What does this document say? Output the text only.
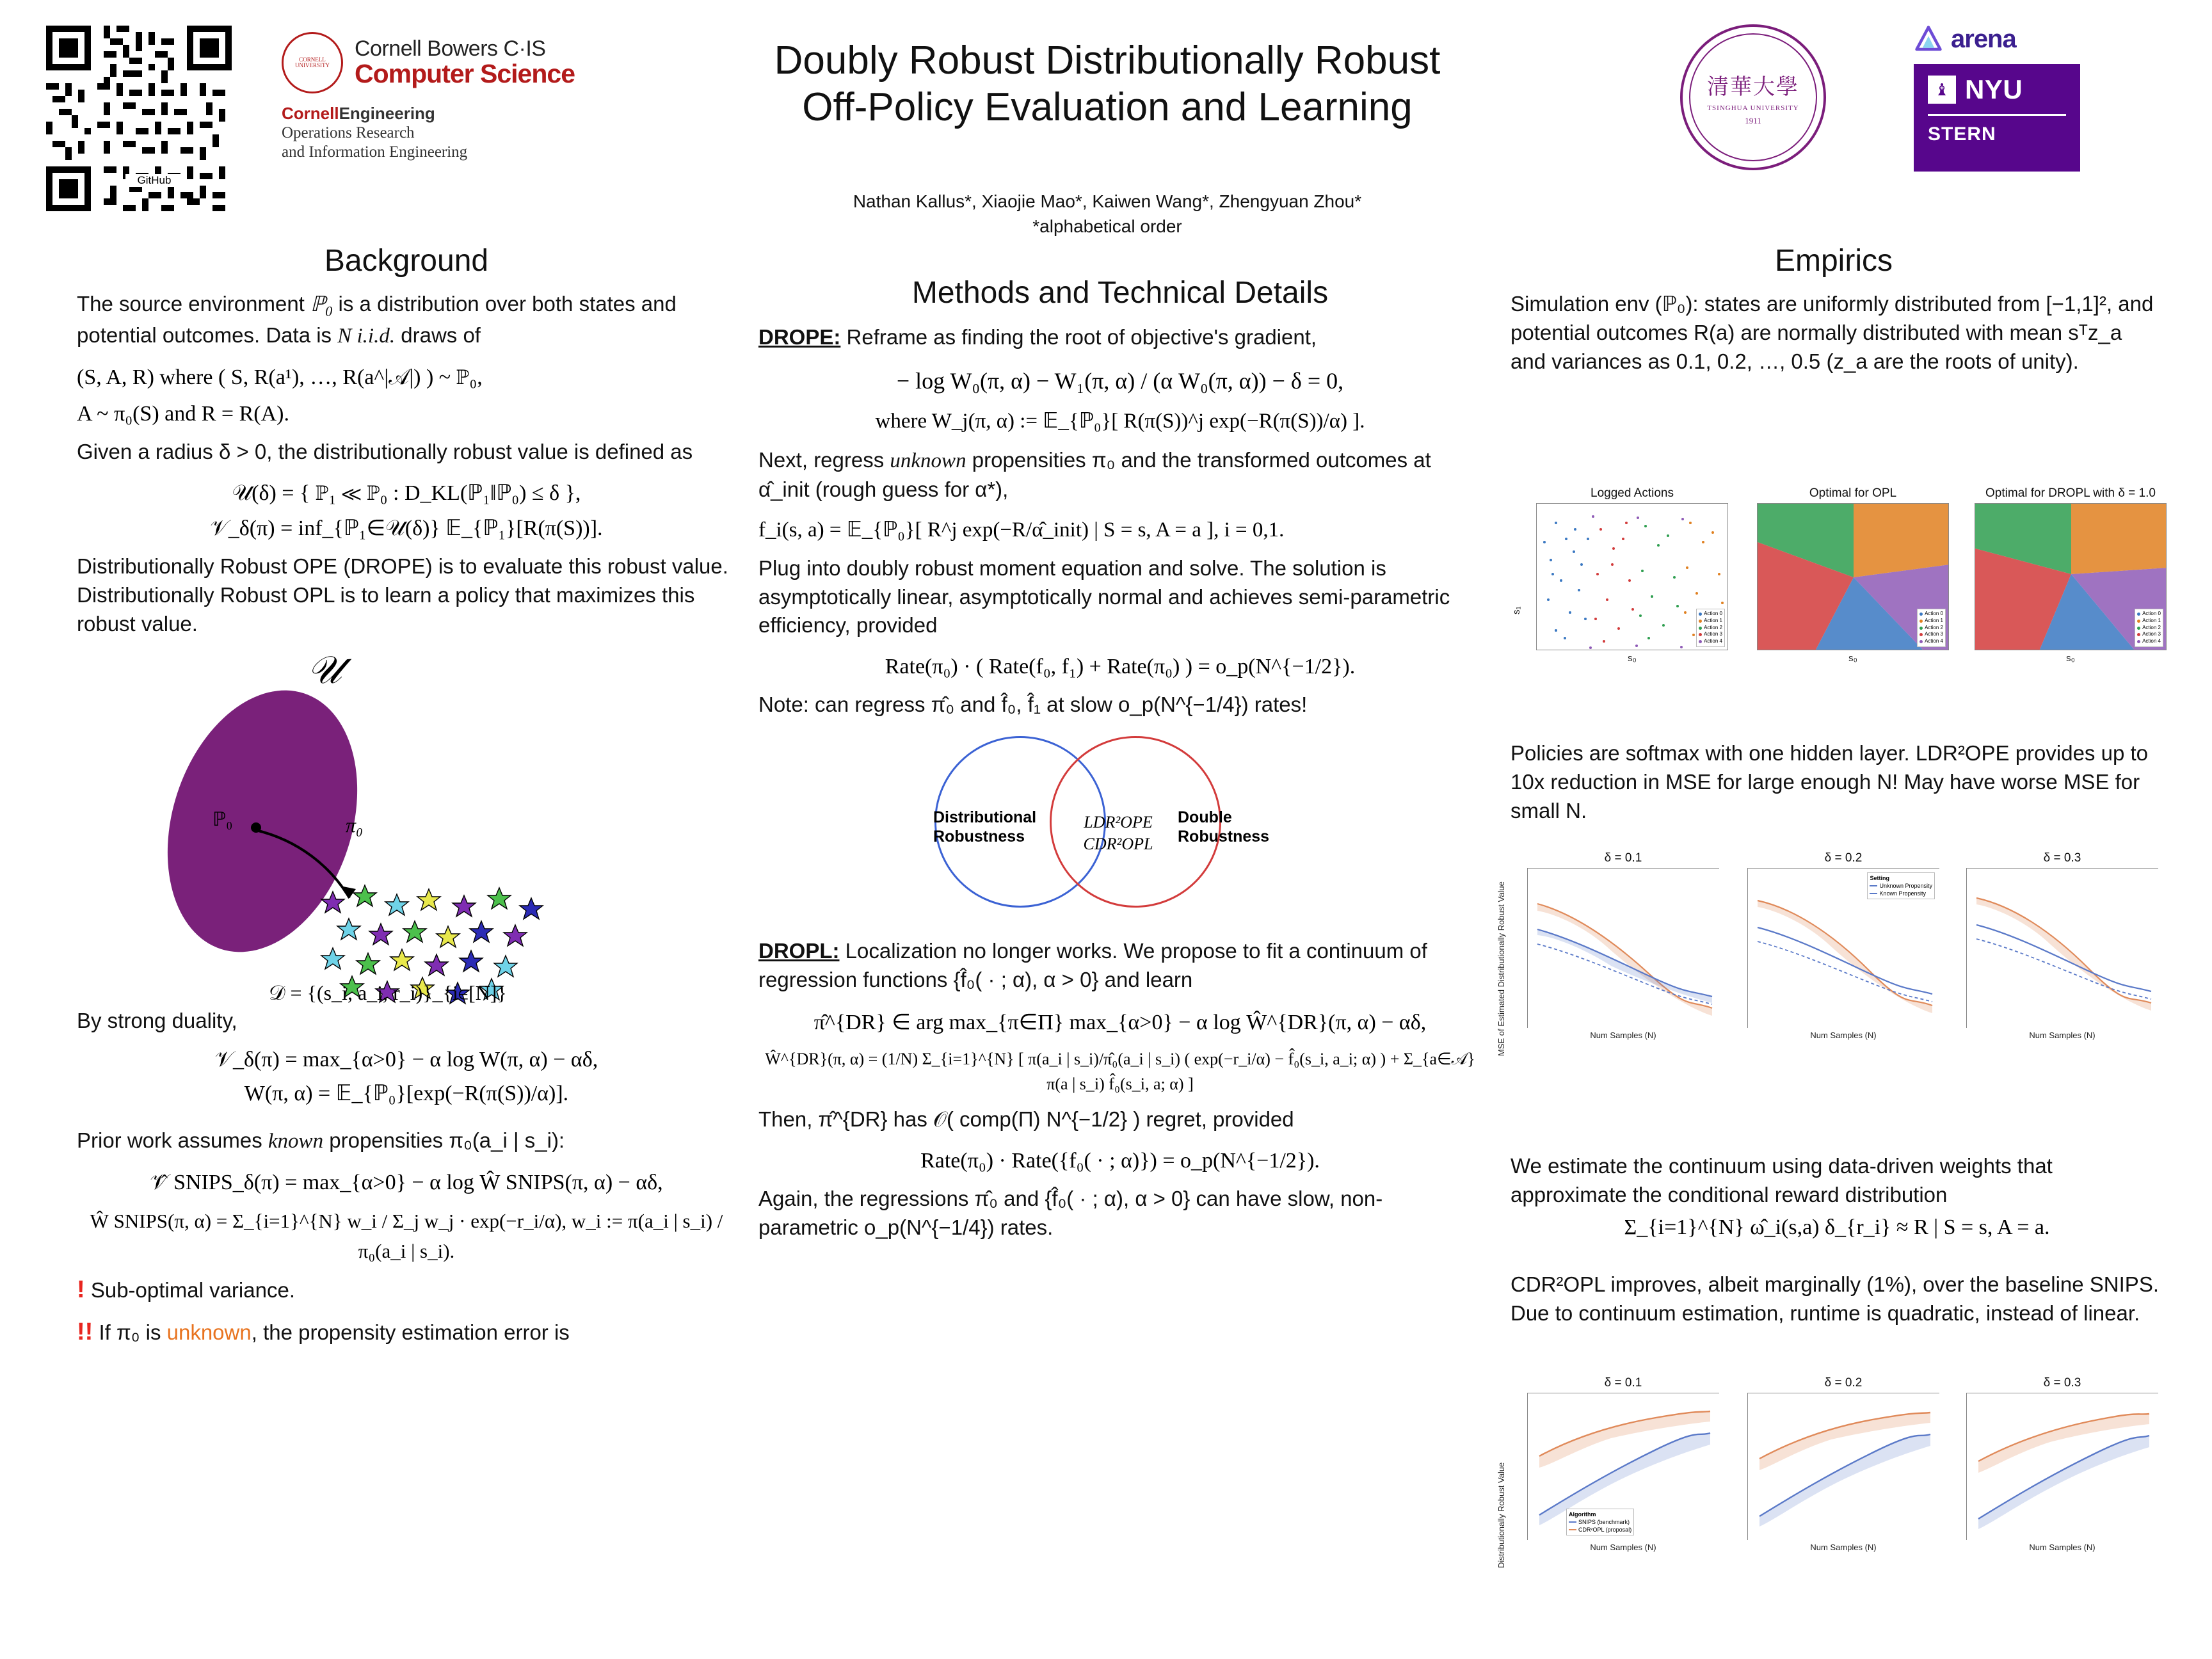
GitHub
CORNELL UNIVERSITY
Cornell Bowers C·IS
Computer Science
CornellEngineering
Operations Research
and Information Engineering
Doubly Robust Distributionally Robust
Off-Policy Evaluation and Learning
Nathan Kallus*, Xiaojie Mao*, Kaiwen Wang*, Zhengyuan Zhou*
*alphabetical order
清華大學
TSINGHUA UNIVERSITY
1911
arena
♝ NYU
STERN
Background
The source environment ℙ$_0$ is a distribution over both states and potential outcomes. Data is N i.i.d. draws of
(S, A, R) where ( S, R(a¹), …, R(a^|𝒜|) ) ~ ℙ₀,
A ~ π₀(S) and R = R(A).
Given a radius δ > 0, the distributionally robust value is defined as
𝒰(δ) = { ℙ₁ ≪ ℙ₀ : D_KL(ℙ₁‖ℙ₀) ≤ δ },
𝒱_δ(π) = inf_{ℙ₁∈𝒰(δ)} 𝔼_{ℙ₁}[R(π(S))].
Distributionally Robust OPE (DROPE) is to evaluate this robust value. Distributionally Robust OPL is to learn a policy that maximizes this robust value.
𝒰
ℙ₀	π₀
𝒟 = {(s_i, a_i, r_i)}_{i∈[N]}
By strong duality,
𝒱_δ(π) = max_{α>0} − α log W(π, α) − αδ,
W(π, α) = 𝔼_{ℙ₀}[exp(−R(π(S))/α)].
Prior work assumes known propensities π₀(a_i | s_i):
𝒱̂ SNIPS_δ(π) = max_{α>0} − α log Ŵ SNIPS(π, α) − αδ,
Ŵ SNIPS(π, α) = Σ_{i=1}^{N} w_i / Σ_j w_j · exp(−r_i/α), w_i := π(a_i | s_i) / π₀(a_i | s_i).
! Sub-optimal variance.
!! If π₀ is unknown, the propensity estimation error is
Methods and Technical Details
DROPE: Reframe as finding the root of objective's gradient,
− log W₀(π, α) − W₁(π, α) / (α W₀(π, α)) − δ = 0,
where W_j(π, α) := 𝔼_{ℙ₀}[ R(π(S))^j exp(−R(π(S))/α) ].
Next, regress unknown propensities π₀ and the transformed outcomes at α̂_init (rough guess for α*),
f_i(s, a) = 𝔼_{ℙ₀}[ R^j exp(−R/α̂_init) | S = s, A = a ], i = 0,1.
Plug into doubly robust moment equation and solve. The solution is asymptotically linear, asymptotically normal and achieves semi-parametric efficiency, provided
Rate(π₀) · ( Rate(f₀, f₁) + Rate(π₀) ) = o_p(N^{−1/2}).
Note: can regress π̂₀ and f̂₀, f̂₁ at slow o_p(N^{−1/4}) rates!
Distributional
Robustness
LDR²OPE
CDR²OPL
Double
Robustness
DROPL: Localization no longer works. We propose to fit a continuum of regression functions {f̂₀( · ; α), α > 0} and learn
π̂^{DR} ∈ arg max_{π∈Π} max_{α>0} − α log Ŵ^{DR}(π, α) − αδ,
Ŵ^{DR}(π, α) = (1/N) Σ_{i=1}^{N} [ π(a_i | s_i)/π̂₀(a_i | s_i) ( exp(−r_i/α) − f̂₀(s_i, a_i; α) ) + Σ_{a∈𝒜} π(a | s_i) f̂₀(s_i, a; α) ]
Then, π̂^{DR} has 𝒪( comp(Π) N^{−1/2} ) regret, provided
Rate(π₀) · Rate({f₀( · ; α)}) = o_p(N^{−1/2}).
Again, the regressions π̂₀ and {f̂₀( · ; α), α > 0} can have slow, non-parametric o_p(N^{−1/4}) rates.
Empirics
Simulation env (ℙ₀): states are uniformly distributed from [−1,1]², and potential outcomes R(a) are normally distributed with mean sᵀz_a and variances as 0.1, 0.2, …, 0.5 (z_a are the roots of unity).
s₁
Logged Actions
Action 0
Action 1
Action 2
Action 3
Action 4
s₀
Optimal for OPL
Action 0
Action 1
Action 2
Action 3
Action 4
s₀
Optimal for DROPL with δ = 1.0
Action 0
Action 1
Action 2
Action 3
Action 4
s₀
Policies are softmax with one hidden layer. LDR²OPE provides up to 10x reduction in MSE for large enough N! May have worse MSE for small N.
MSE of Estimated Distributionally Robust Value
δ = 0.1
Num Samples (N)
δ = 0.2
Setting
Unknown Propensity
Known Propensity
Num Samples (N)
δ = 0.3
Num Samples (N)
We estimate the continuum using data-driven weights that approximate the conditional reward distribution
Σ_{i=1}^{N} ω̂_i(s,a) δ_{r_i} ≈ R | S = s, A = a.
CDR²OPL improves, albeit marginally (1%), over the baseline SNIPS. Due to continuum estimation, runtime is quadratic, instead of linear.
Distributionally Robust Value
δ = 0.1
Algorithm
SNIPS (benchmark)
CDR²OPL (proposal)
Num Samples (N)
δ = 0.2
Num Samples (N)
δ = 0.3
Num Samples (N)
